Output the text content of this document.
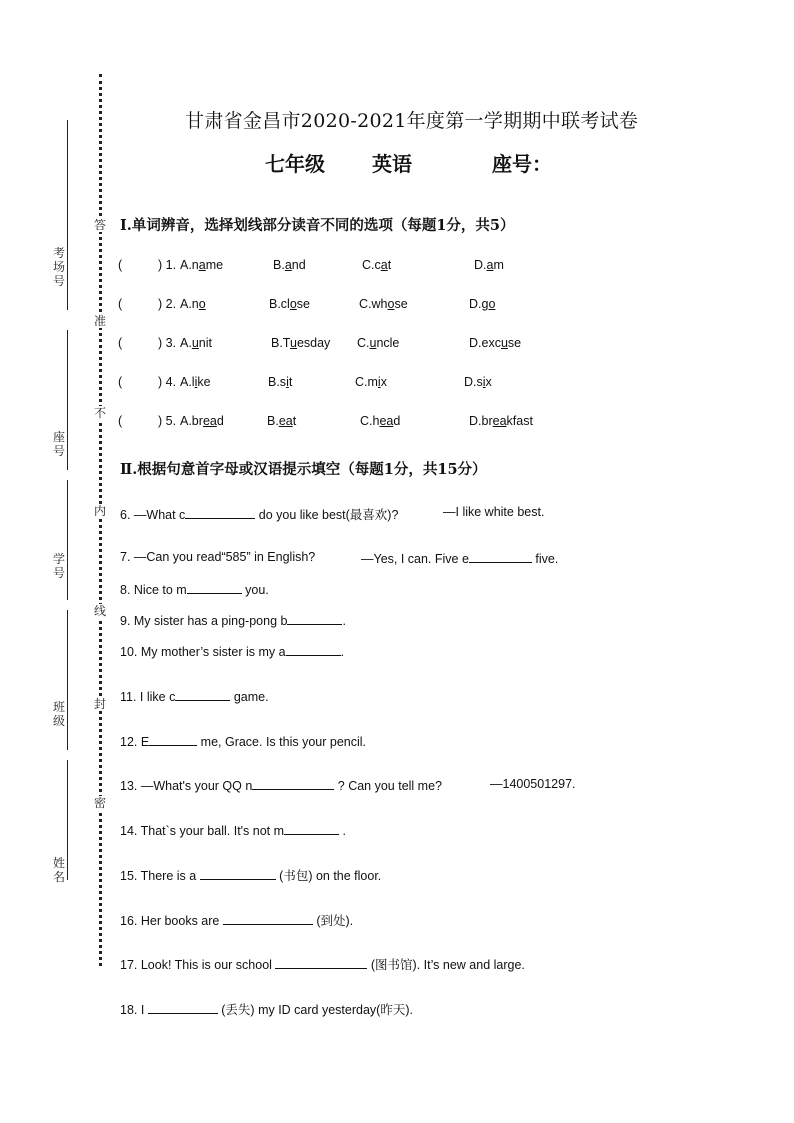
答
准
不
内
线
封
密
考场号
座号
学号
班级
姓名
甘肃省金昌市2020-2021年度第一学期期中联考试卷
七年级 英语	座号：
Ⅰ.单词辨音，选择划线部分读音不同的选项（每题1分，共5）
(	) 1. A.name	B.and	C.cat	D.am
(	) 2. A.no	B.close	C.whose	D.go
(	) 3. A.unit	B.Tuesday C.uncle	D.excuse
(	) 4. A.like	B.sit	C.mix	D.six
(	) 5. A.bread	B.eat	C.head	D.breakfast
Ⅱ.根据句意首字母或汉语提示填空（每题1分，共15分）
6. —What c	do you like best(最喜欢)?	—I like white best.
7. —Can you read“585” in English?	—Yes, I can. Five e	five.
8. Nice to m	you.
9. My sister has a ping-pong b	.
10. My mother’s sister is my a	.
11. I like c	game.
12. E	me, Grace. Is this your pencil.
13. —What's your QQ n	? Can you tell me?	—1400501297.
14. That`s your ball. It's not m	.
15. There is a	(书包) on the floor.
16. Her books are	(到处).
17. Look! This is our school	(图书馆). It’s new and large.
18. I	(丢失) my ID card yesterday(昨天).
